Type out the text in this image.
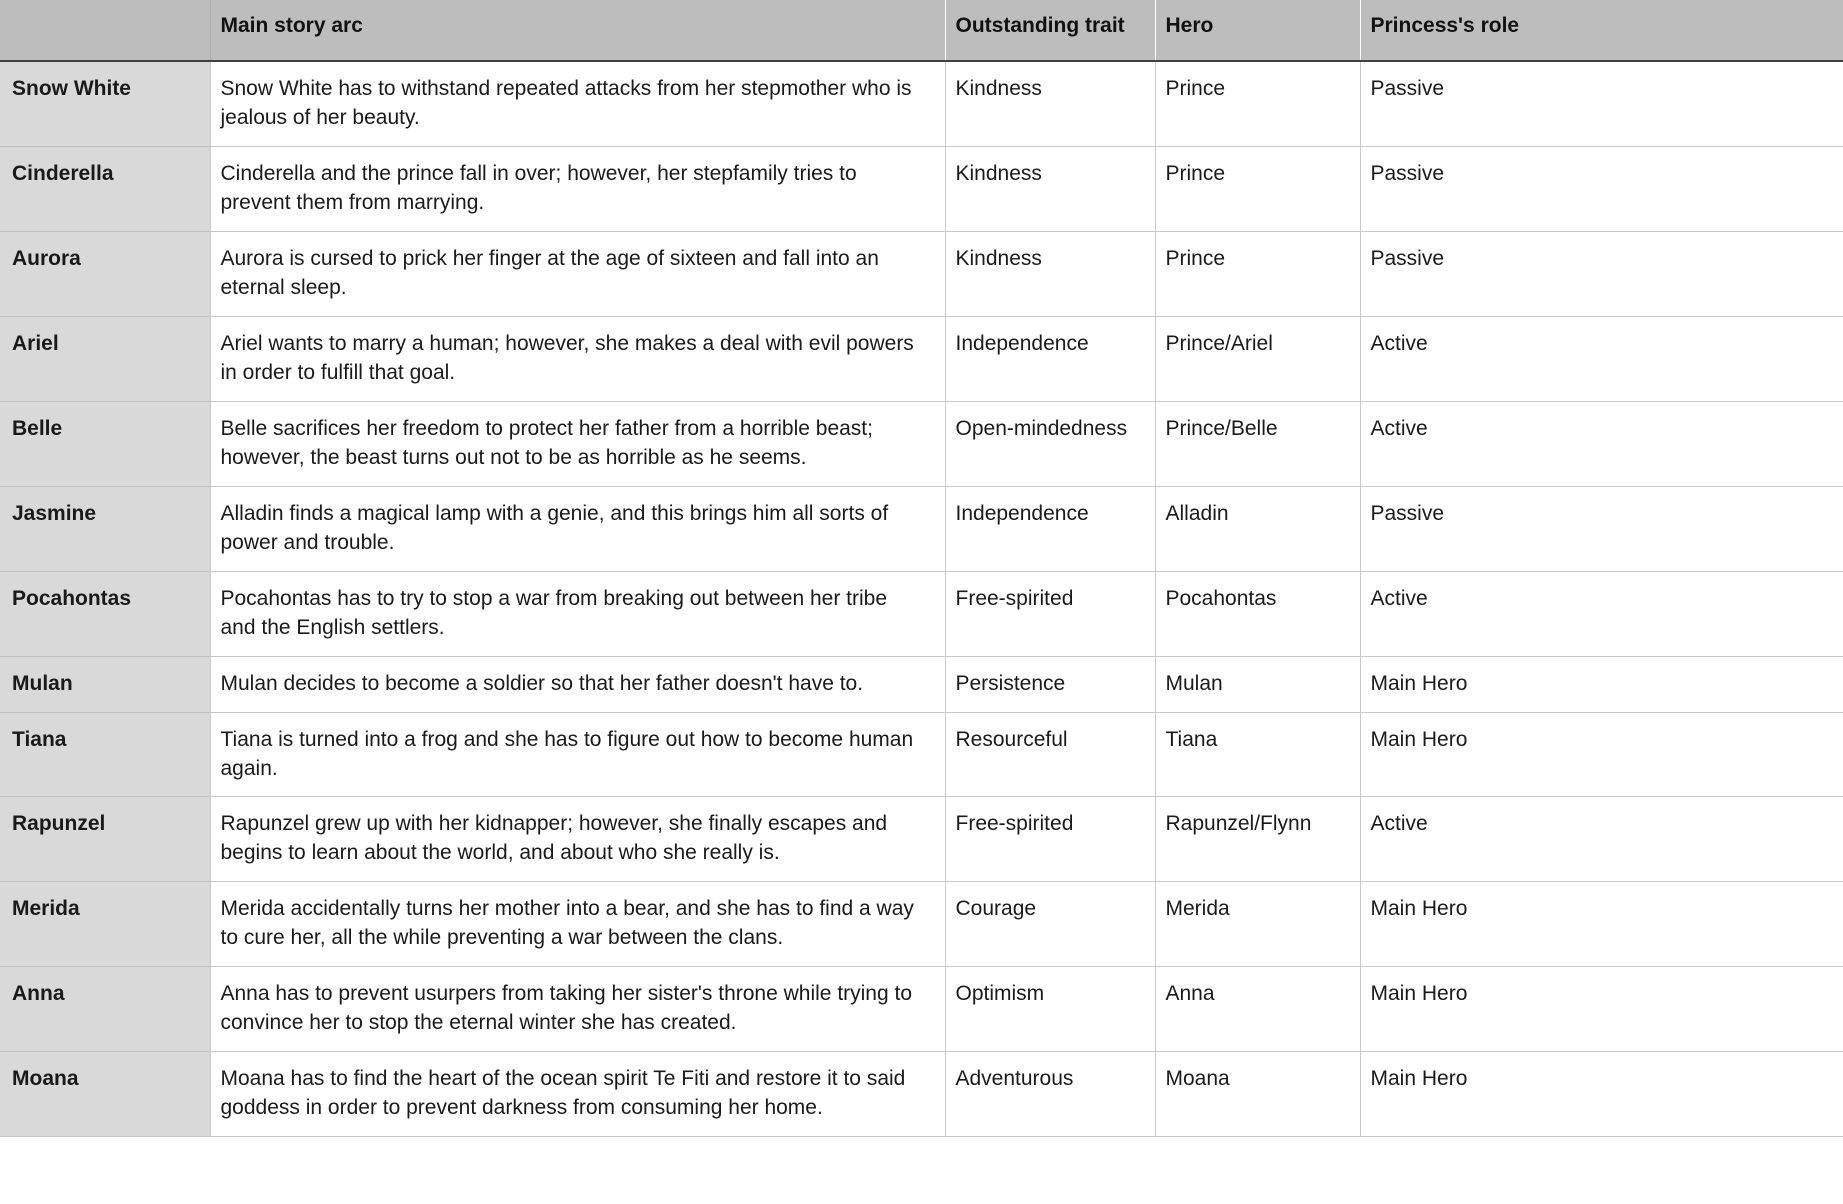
	Main story arc	Outstanding trait	Hero	Princess's role
Snow White	Snow White has to withstand repeated attacks from her stepmother who is jealous of her beauty.	Kindness	Prince	Passive
Cinderella	Cinderella and the prince fall in over; however, her stepfamily tries to prevent them from marrying.	Kindness	Prince	Passive
Aurora	Aurora is cursed to prick her finger at the age of sixteen and fall into an eternal sleep.	Kindness	Prince	Passive
Ariel	Ariel wants to marry a human; however, she makes a deal with evil powers in order to fulfill that goal.	Independence	Prince/Ariel	Active
Belle	Belle sacrifices her freedom to protect her father from a horrible beast; however, the beast turns out not to be as horrible as he seems.	Open-mindedness	Prince/Belle	Active
Jasmine	Alladin finds a magical lamp with a genie, and this brings him all sorts of power and trouble.	Independence	Alladin	Passive
Pocahontas	Pocahontas has to try to stop a war from breaking out between her tribe and the English settlers.	Free-spirited	Pocahontas	Active
Mulan	Mulan decides to become a soldier so that her father doesn't have to.	Persistence	Mulan	Main Hero
Tiana	Tiana is turned into a frog and she has to figure out how to become human again.	Resourceful	Tiana	Main Hero
Rapunzel	Rapunzel grew up with her kidnapper; however, she finally escapes and begins to learn about the world, and about who she really is.	Free-spirited	Rapunzel/Flynn	Active
Merida	Merida accidentally turns her mother into a bear, and she has to find a way to cure her, all the while preventing a war between the clans.	Courage	Merida	Main Hero
Anna	Anna has to prevent usurpers from taking her sister's throne while trying to convince her to stop the eternal winter she has created.	Optimism	Anna	Main Hero
Moana	Moana has to find the heart of the ocean spirit Te Fiti and restore it to said goddess in order to prevent darkness from consuming her home.	Adventurous	Moana	Main Hero
